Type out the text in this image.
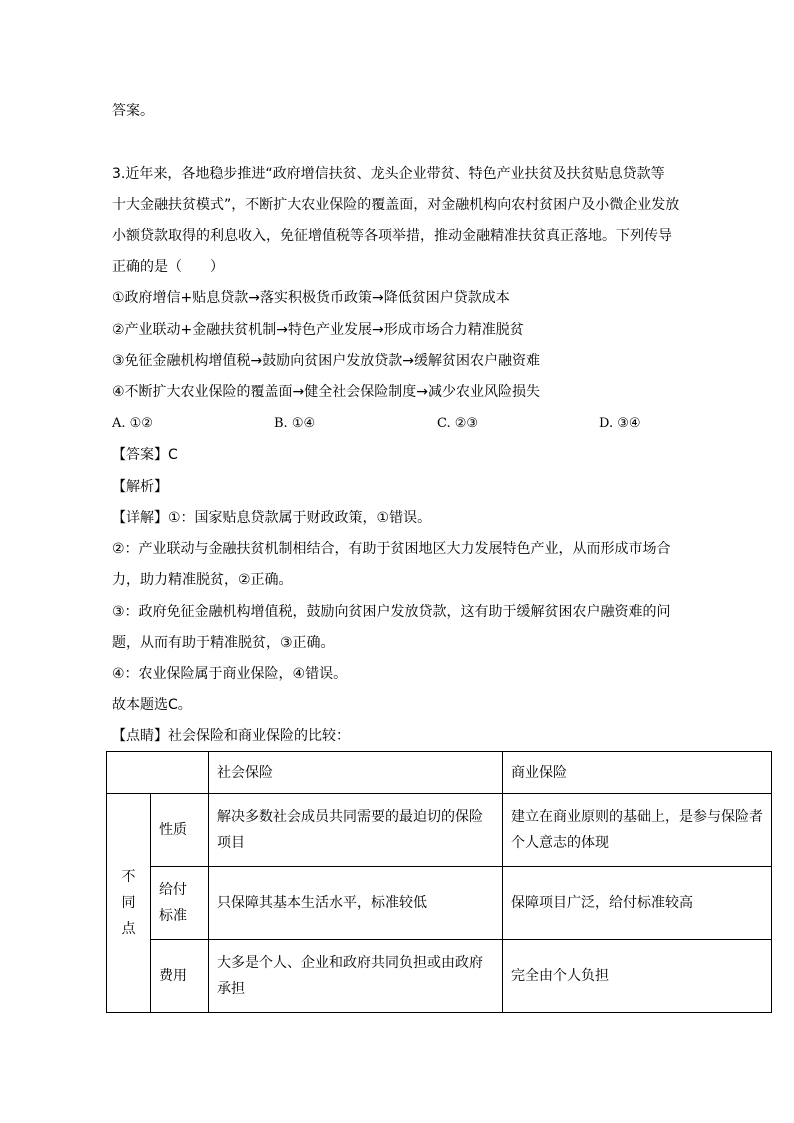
答案。
3.近年来，各地稳步推进“政府增信扶贫、龙头企业带贫、特色产业扶贫及扶贫贴息贷款等
十大金融扶贫模式”，不断扩大农业保险的覆盖面，对金融机构向农村贫困户及小微企业发放
小额贷款取得的利息收入，免征增值税等各项举措，推动金融精准扶贫真正落地。下列传导
正确的是（　　）
①政府增信+贴息贷款→落实积极货币政策→降低贫困户贷款成本
②产业联动+金融扶贫机制→特色产业发展→形成市场合力精准脱贫
③免征金融机构增值税→鼓励向贫困户发放贷款→缓解贫困农户融资难
④不断扩大农业保险的覆盖面→健全社会保险制度→减少农业风险损失
A. ①②	B. ①④	C. ②③	D. ③④
【答案】C
【解析】
【详解】①：国家贴息贷款属于财政政策，①错误。
②：产业联动与金融扶贫机制相结合，有助于贫困地区大力发展特色产业，从而形成市场合
力，助力精准脱贫，②正确。
③：政府免征金融机构增值税，鼓励向贫困户发放贷款，这有助于缓解贫困农户融资难的问
题，从而有助于精准脱贫，③正确。
④：农业保险属于商业保险，④错误。
故本题选C。
【点睛】社会保险和商业保险的比较：
		社会保险	商业保险

不
同
点	性质	解决多数社会成员共同需要的最迫切的保险项目	建立在商业原则的基础上，是参与保险者个人意志的体现
	给付标准	只保障其基本生活水平，标准较低	保障项目广泛，给付标准较高
	费用	大多是个人、企业和政府共同负担或由政府承担	完全由个人负担
